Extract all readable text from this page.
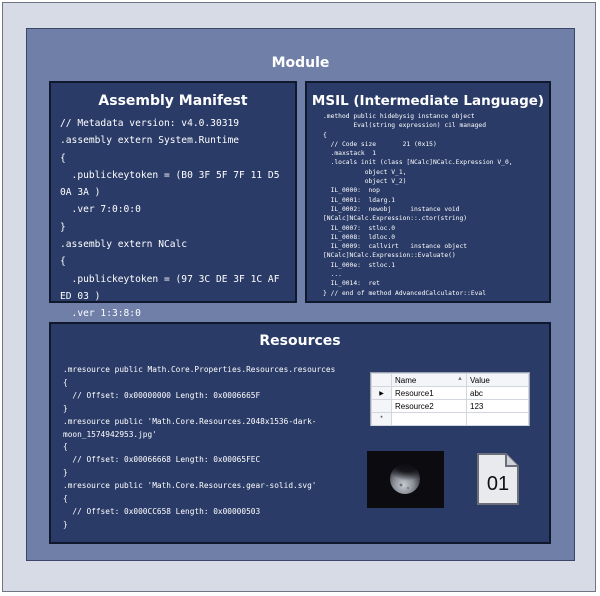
Module
Assembly Manifest
// Metadata version: v4.0.30319
.assembly extern System.Runtime
{
.publickeytoken = (B0 3F 5F 7F 11 D5
0A 3A )
.ver 7:0:0:0
}
.assembly extern NCalc
{
.publickeytoken = (97 3C DE 3F 1C AF
ED 03 )
.ver 1:3:8:0

MSIL (Intermediate Language)
.method public hidebysig instance object
Eval(string expression) cil managed
{
// Code size       21 (0x15)
.maxstack  1
.locals init (class [NCalc]NCalc.Expression V_0,
object V_1,
object V_2)
IL_0000:  nop
IL_0001:  ldarg.1
IL_0002:  newobj     instance void
[NCalc]NCalc.Expression::.ctor(string)
IL_0007:  stloc.0
IL_0008:  ldloc.0
IL_0009:  callvirt   instance object
[NCalc]NCalc.Expression::Evaluate()
IL_000e:  stloc.1
...
IL_0014:  ret
} // end of method AdvancedCalculator::Eval
Resources
.mresource public Math.Core.Properties.Resources.resources
{
// Offset: 0x00000000 Length: 0x0006665F
}
.mresource public 'Math.Core.Resources.2048x1536-dark-
moon_1574942953.jpg'
{
// Offset: 0x00066668 Length: 0x00065FEC
}
.mresource public 'Math.Core.Resources.gear-solid.svg'
{
// Offset: 0x000CC658 Length: 0x00000503
}
	Name ▲	Value
▶	Resource1	abc
	Resource2	123
*		
01
